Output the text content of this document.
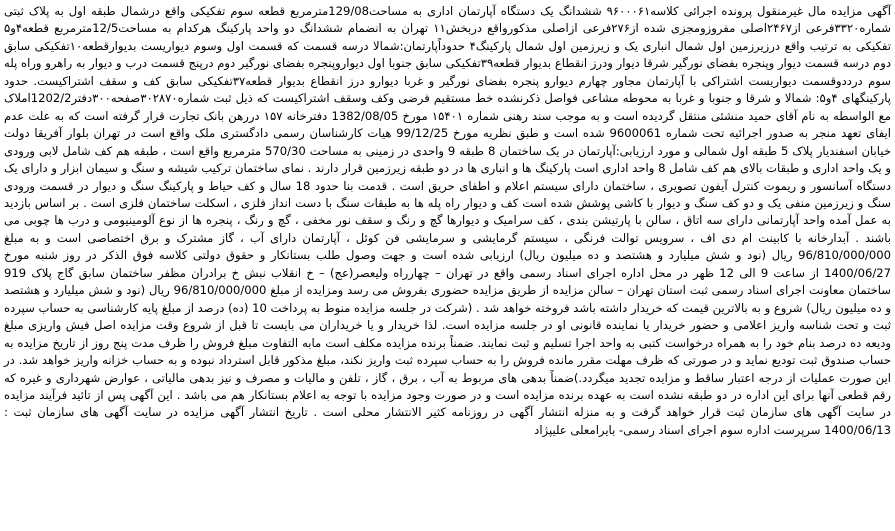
آگهی مزایده مال غیرمنقول پرونده اجرائی کلاسه۹۶۰۰۰۶۱ ششدانگ یک دستگاه آپارتمان اداری به مساحت129/08مترمربع قطعه سوم تفکیکی واقع درشمال طبقه اول به پلاک ثبتی شماره۳۳۲۰فرعی از۲۴۶۷اصلی مفروزومجزی شده از۲۷۶فرعی ازاصلی مذکورواقع دربخش۱۱ تهران به انضمام ششدانگ دو واحد پارکینگ هرکدام به مساحت12/5مترمربع قطعه۴و۵ تفکیکی به ترتیب واقع درزیرزمین اول شمال انباری یک و زیرزمین اول شمال پارکینگ۴ حدوداًپارتمان:شمالا درسه قسمت که قسمت اول وسوم دیواریست بدیوارقطعه۱۰تفکیکی سابق دوم درسه قسمت دیوار وپنجره بفضای نورگیر شرقا دیوار ودرز انقطاع بدیوار قطعه۳۹تفکیکی سابق جنوبا اول دیواروپنجره بفضای نورگیر دوم درپنج قسمت درب و دیوار به راهرو وراه پله سوم درددوقسمت دیواریست اشتراکی با آپارتمان مجاور چهارم دیوارو پنجره بفضای نورگیر و غربا دیوارو درز انقطاع بدیوار قطعه۳۷تفکیکی سابق کف و سقف اشتراکیست. حدود پارکینگهای ۴و۵: شمالا و شرقا و جنوبا و غربا به محوطه مشاعی فواصل ذکرنشده خط مستقیم فرضی وکف وسقف اشتراکیست که ذیل ثبت شماره۳۰۲۸۷۰صفحه۳۰۰دفتر1202/2املاک مع الواسطه به نام آقای حمید منشئی منتقل گردیده است و به موجب سند رهنی شماره ۱۵۴۰۱ مورخ 1382/08/05 دفترخانه ۱۵۷ دررهن بانک تجارت قرار گرفته است که به علت عدم ایفای تعهد منجر به صدور اجرائیه تحت شماره 9600061 شده است و طبق نظریه مورخ 99/12/25 هیات کارشناسان رسمی دادگستری ملک واقع است در تهران بلوار آفریقا دولت خیابان اسفندیار پلاک 5 طبقه اول شمالی و مورد ارزیابی:آپارتمان در یک ساختمان 8 طبقه 9 واحدی در زمینی به مساحت 570/30 مترمربع واقع است ، طبقه هم کف شامل لابی ورودی و یک واحد اداری و طبقات بالای هم کف شامل 8 واحد اداری است پارکینگ ها و انباری ها در دو طبقه زیرزمین قرار دارند . نمای ساختمان ترکیب شیشه و سنگ و سیمان ابزار و دارای یک دستگاه آسانسور و ریموت کنترل آیفون تصویری ، ساختمان دارای سیستم اعلام و اطفای حریق است . قدمت بنا حدود 18 سال و کف حیاط و پارکینگ سنگ و دیوار در قسمت ورودی سنگ و زیرزمین منفی یک و دو کف سنگ و دیوار با کاشی پوشش شده است کف و دیوار راه پله ها به طبقات سنگ با دست انداز فلزی ، اسکلت ساختمان فلزی است . بر اساس بازدید به عمل آمده واحد آپارتمانی دارای سه اتاق ، سالن با پارتیشن بندی ، کف سرامیک و دیوارها گچ و رنگ و سقف نور مخفی ، گچ و رنگ ، پنجره ها از نوع آلومینیومی و درب ها چوبی می باشند . آبدارخانه با کابینت ام دی اف ، سرویس توالت فرنگی ، سیستم گرمایشی و سرمایشی فن کوئل ، آپارتمان دارای آب ، گاز مشترک و برق اختصاصی است و به مبلغ 96/810/000/000 ریال (نود و شش میلیارد و هشتصد و ده میلیون ریال) ارزیابی شده است و جهت وصول طلب بستانکار و حقوق دولتی کلاسه فوق الذکر در روز شنبه مورخ 1400/06/27 از ساعت 9 الی 12 ظهر در محل اداره اجرای اسناد رسمی واقع در تهران – چهارراه ولیعصر(عج) – خ انقلاب نبش خ برادران مظفر ساختمان سابق گاج پلاک 919 ساختمان معاونت اجرای اسناد رسمی ثبت استان تهران – سالن مزایده از طریق مزایده حضوری بفروش می رسد ومزایده از مبلغ 96/810/000/000 ریال (نود و شش میلیارد و هشتصد و ده میلیون ریال) شروع و به بالاترین قیمت که خریدار داشته باشد فروخته خواهد شد . (شرکت در جلسه مزایده منوط به پرداخت 10 (ده) درصد از مبلغ پایه کارشناسی به حساب سپرده ثبت و تحت شناسه واریز اعلامی و حضور خریدار یا نماینده قانونی او در جلسه مزایده است. لذا خریدار و یا خریداران می بایست تا قبل از شروع وقت مزایده اصل فیش واریزی مبلغ ودیعه ده درصد بنام خود را به همراه درخواست کتبی به واحد اجرا تسلیم و ثبت نمایند. ضمناً برنده مزایده مکلف است مابه التفاوت مبلغ فروش را ظرف مدت پنج روز از تاریخ مزایده به حساب صندوق ثبت تودیع نماید و در صورتی که ظرف مهلت مقرر مانده فروش را به حساب سپرده ثبت واریز نکند، مبلغ مذکور قابل استرداد نبوده و به حساب خزانه واریز خواهد شد. در این صورت عملیات از درجه اعتبار ساقط و مزایده تجدید میگردد.)ضمناً بدهی های مربوط به آب ، برق ، گاز ، تلفن و مالیات و مصرف و نیز بدهی مالیاتی ، عوارض شهرداری و غیره که رقم قطعی آنها برای این اداره در دو طبقه نشده است به عهده برنده مزایده است و در صورت وجود مزایده با توجه به اعلام بستانکار هم می باشد . این آگهی پس از تائید فرآیند مزایده در سایت آگهی های سازمان ثبت قرار خواهد گرفت و به منزله انتشار آگهی در روزنامه کثیر الانتشار محلی است . تاریخ انتشار آگهی مزایده در سایت آگهی های سازمان ثبت : 1400/06/13 سرپرست اداره سوم اجرای اسناد رسمی- بایرامعلی علیپژاد
